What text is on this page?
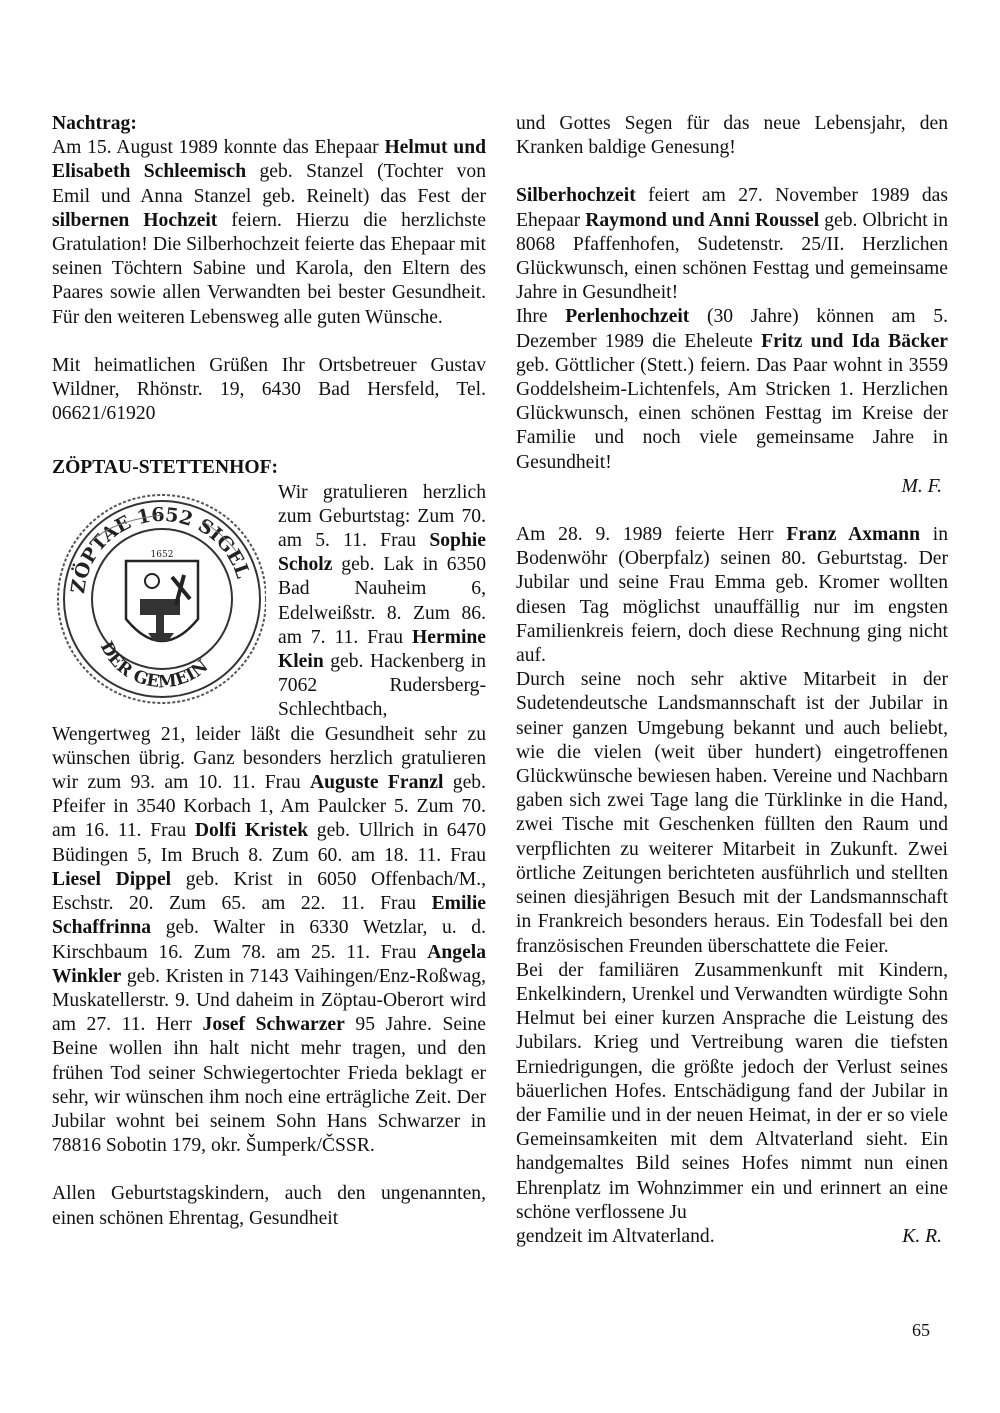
Nachtrag:

Am 15. August 1989 konnte das Ehepaar Helmut und Elisabeth Schleemisch geb. Stanzel (Tochter von Emil und Anna Stanzel geb. Reinelt) das Fest der silbernen Hochzeit feiern. Hierzu die herzlichste Gratulation! Die Silberhochzeit feierte das Ehepaar mit seinen Töchtern Sabine und Karola, den Eltern des Paares sowie allen Verwandten bei bester Gesundheit. Für den weiteren Lebensweg alle guten Wünsche.

Mit heimatlichen Grüßen Ihr Ortsbetreuer Gustav Wildner, Rhönstr. 19, 6430 Bad Hersfeld, Tel. 06621/61920

ZÖPTAU-STETTENHOF:

ZÖPTAE 1652 SIGEL
DER GEMEIN
1652

Wir gratulieren herzlich zum Geburtstag: Zum 70. am 5. 11. Frau Sophie Scholz geb. Lak in 6350 Bad Nauheim 6, Edelweißstr. 8. Zum 86. am 7. 11. Frau Hermine Klein geb. Hackenberg in 7062 Rudersberg-Schlechtbach, Wengertweg 21, leider läßt die Gesundheit sehr zu wünschen übrig. Ganz besonders herzlich gratulieren wir zum 93. am 10. 11. Frau Auguste Franzl geb. Pfeifer in 3540 Korbach 1, Am Paulcker 5. Zum 70. am 16. 11. Frau Dolfi Kristek geb. Ullrich in 6470 Büdingen 5, Im Bruch 8. Zum 60. am 18. 11. Frau Liesel Dippel geb. Krist in 6050 Offenbach/M., Eschstr. 20. Zum 65. am 22. 11. Frau Emilie Schaffrinna geb. Walter in 6330 Wetzlar, u. d. Kirschbaum 16. Zum 78. am 25. 11. Frau Angela Winkler geb. Kristen in 7143 Vaihingen/Enz-Roßwag, Muskatellerstr. 9. Und daheim in Zöptau-Oberort wird am 27. 11. Herr Josef Schwarzer 95 Jahre. Seine Beine wollen ihn halt nicht mehr tragen, und den frühen Tod seiner Schwiegertochter Frieda beklagt er sehr, wir wünschen ihm noch eine erträgliche Zeit. Der Jubilar wohnt bei seinem Sohn Hans Schwarzer in 78816 Sobotin 179, okr. Šumperk/ČSSR.

Allen Geburtstagskindern, auch den ungenannten, einen schönen Ehrentag, Gesundheit

und Gottes Segen für das neue Lebensjahr, den Kranken baldige Genesung!

Silberhochzeit feiert am 27. November 1989 das Ehepaar Raymond und Anni Roussel geb. Olbricht in 8068 Pfaffenhofen, Sudetenstr. 25/II. Herzlichen Glückwunsch, einen schönen Festtag und gemeinsame Jahre in Gesundheit!

Ihre Perlenhochzeit (30 Jahre) können am 5. Dezember 1989 die Eheleute Fritz und Ida Bäcker geb. Göttlicher (Stett.) feiern. Das Paar wohnt in 3559 Goddelsheim-Lichtenfels, Am Stricken 1. Herzlichen Glückwunsch, einen schönen Festtag im Kreise der Familie und noch viele gemeinsame Jahre in Gesundheit!

M. F.

Am 28. 9. 1989 feierte Herr Franz Axmann in Bodenwöhr (Oberpfalz) seinen 80. Geburtstag. Der Jubilar und seine Frau Emma geb. Kromer wollten diesen Tag möglichst unauffällig nur im engsten Familienkreis feiern, doch diese Rechnung ging nicht auf.

Durch seine noch sehr aktive Mitarbeit in der Sudetendeutsche Landsmannschaft ist der Jubilar in seiner ganzen Umgebung bekannt und auch beliebt, wie die vielen (weit über hundert) eingetroffenen Glückwünsche bewiesen haben. Vereine und Nachbarn gaben sich zwei Tage lang die Türklinke in die Hand, zwei Tische mit Geschenken füllten den Raum und verpflichten zu weiterer Mitarbeit in Zukunft. Zwei örtliche Zeitungen berichteten ausführlich und stellten seinen diesjährigen Besuch mit der Landsmannschaft in Frankreich besonders heraus. Ein Todesfall bei den französischen Freunden überschattete die Feier.

Bei der familiären Zusammenkunft mit Kindern, Enkelkindern, Urenkel und Verwandten würdigte Sohn Helmut bei einer kurzen Ansprache die Leistung des Jubilars. Krieg und Vertreibung waren die tiefsten Erniedrigungen, die größte jedoch der Verlust seines bäuerlichen Hofes. Entschädigung fand der Jubilar in der Familie und in der neuen Heimat, in der er so viele Gemeinsamkeiten mit dem Altvaterland sieht. Ein handgemaltes Bild seines Hofes nimmt nun einen Ehrenplatz im Wohnzimmer ein und erinnert an eine schöne verflossene Ju

gendzeit im Altvaterland.	K. R.

65
